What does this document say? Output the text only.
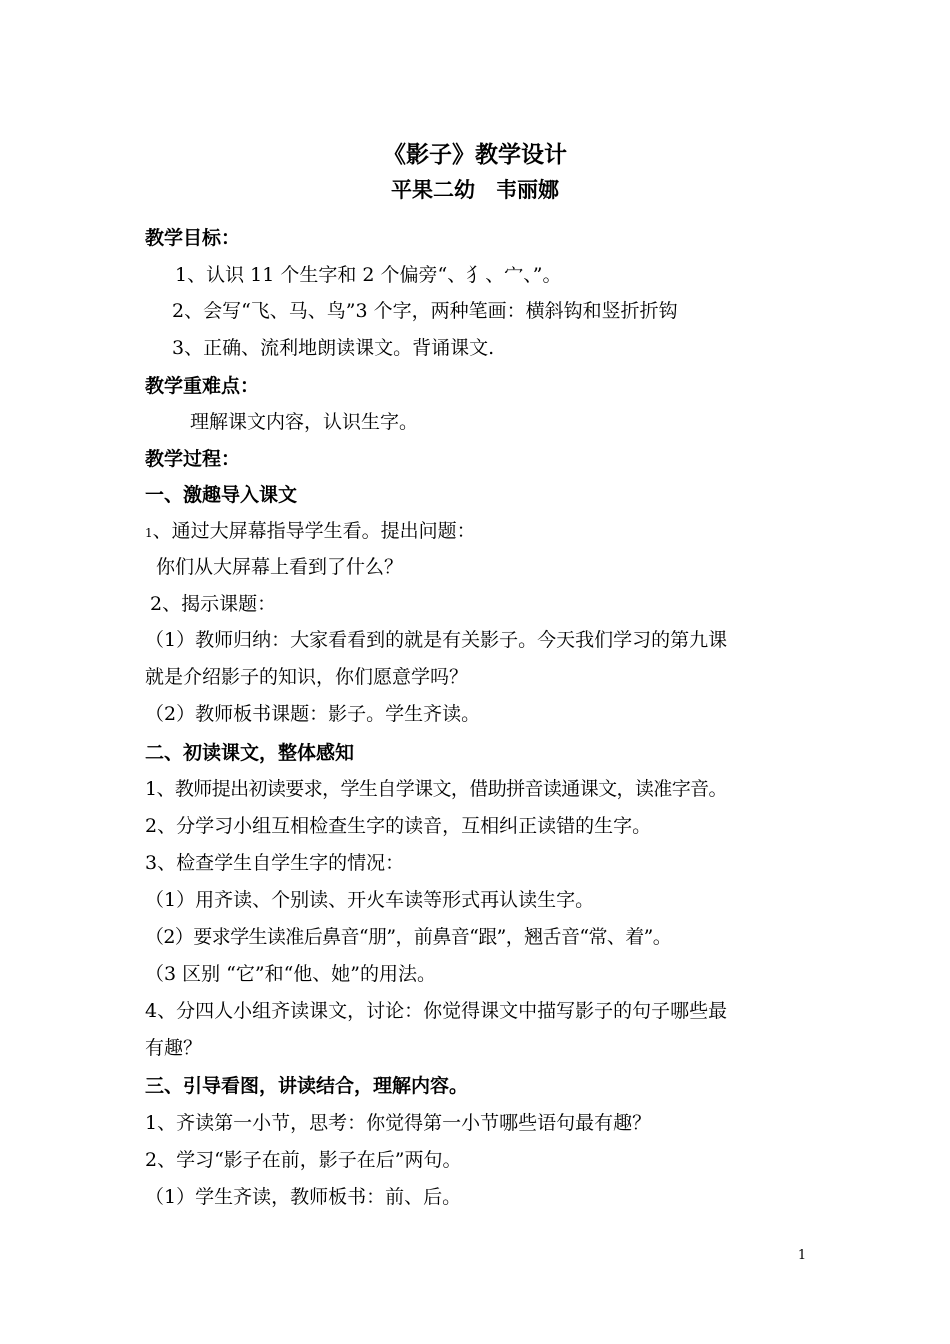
《影子》教学设计
平果二幼　韦丽娜
教学目标：
1、认识 11 个生字和 2 个偏旁“、犭、宀、”。
2、会写“飞、马、鸟”3 个字，两种笔画：横斜钩和竖折折钩
3、正确、流利地朗读课文。背诵课文.
教学重难点：
理解课文内容，认识生字。
教学过程：
一、激趣导入课文
1、通过大屏幕指导学生看。提出问题：
你们从大屏幕上看到了什么？
2、揭示课题：
（1）教师归纳：大家看看到的就是有关影子。今天我们学习的第九课
就是介绍影子的知识，你们愿意学吗？
（2）教师板书课题：影子。学生齐读。
二、初读课文，整体感知
1、教师提出初读要求，学生自学课文，借助拼音读通课文，读准字音。
2、分学习小组互相检查生字的读音，互相纠正读错的生字。
3、检查学生自学生字的情况：
（1）用齐读、个别读、开火车读等形式再认读生字。
（2）要求学生读准后鼻音“朋”，前鼻音“跟”，翘舌音“常、着”。
（3 区别 “它”和“他、她”的用法。
4、分四人小组齐读课文，讨论：你觉得课文中描写影子的句子哪些最
有趣？
三、引导看图，讲读结合，理解内容。
1、齐读第一小节，思考：你觉得第一小节哪些语句最有趣？
2、学习“影子在前，影子在后”两句。
（1）学生齐读，教师板书：前、后。
1
